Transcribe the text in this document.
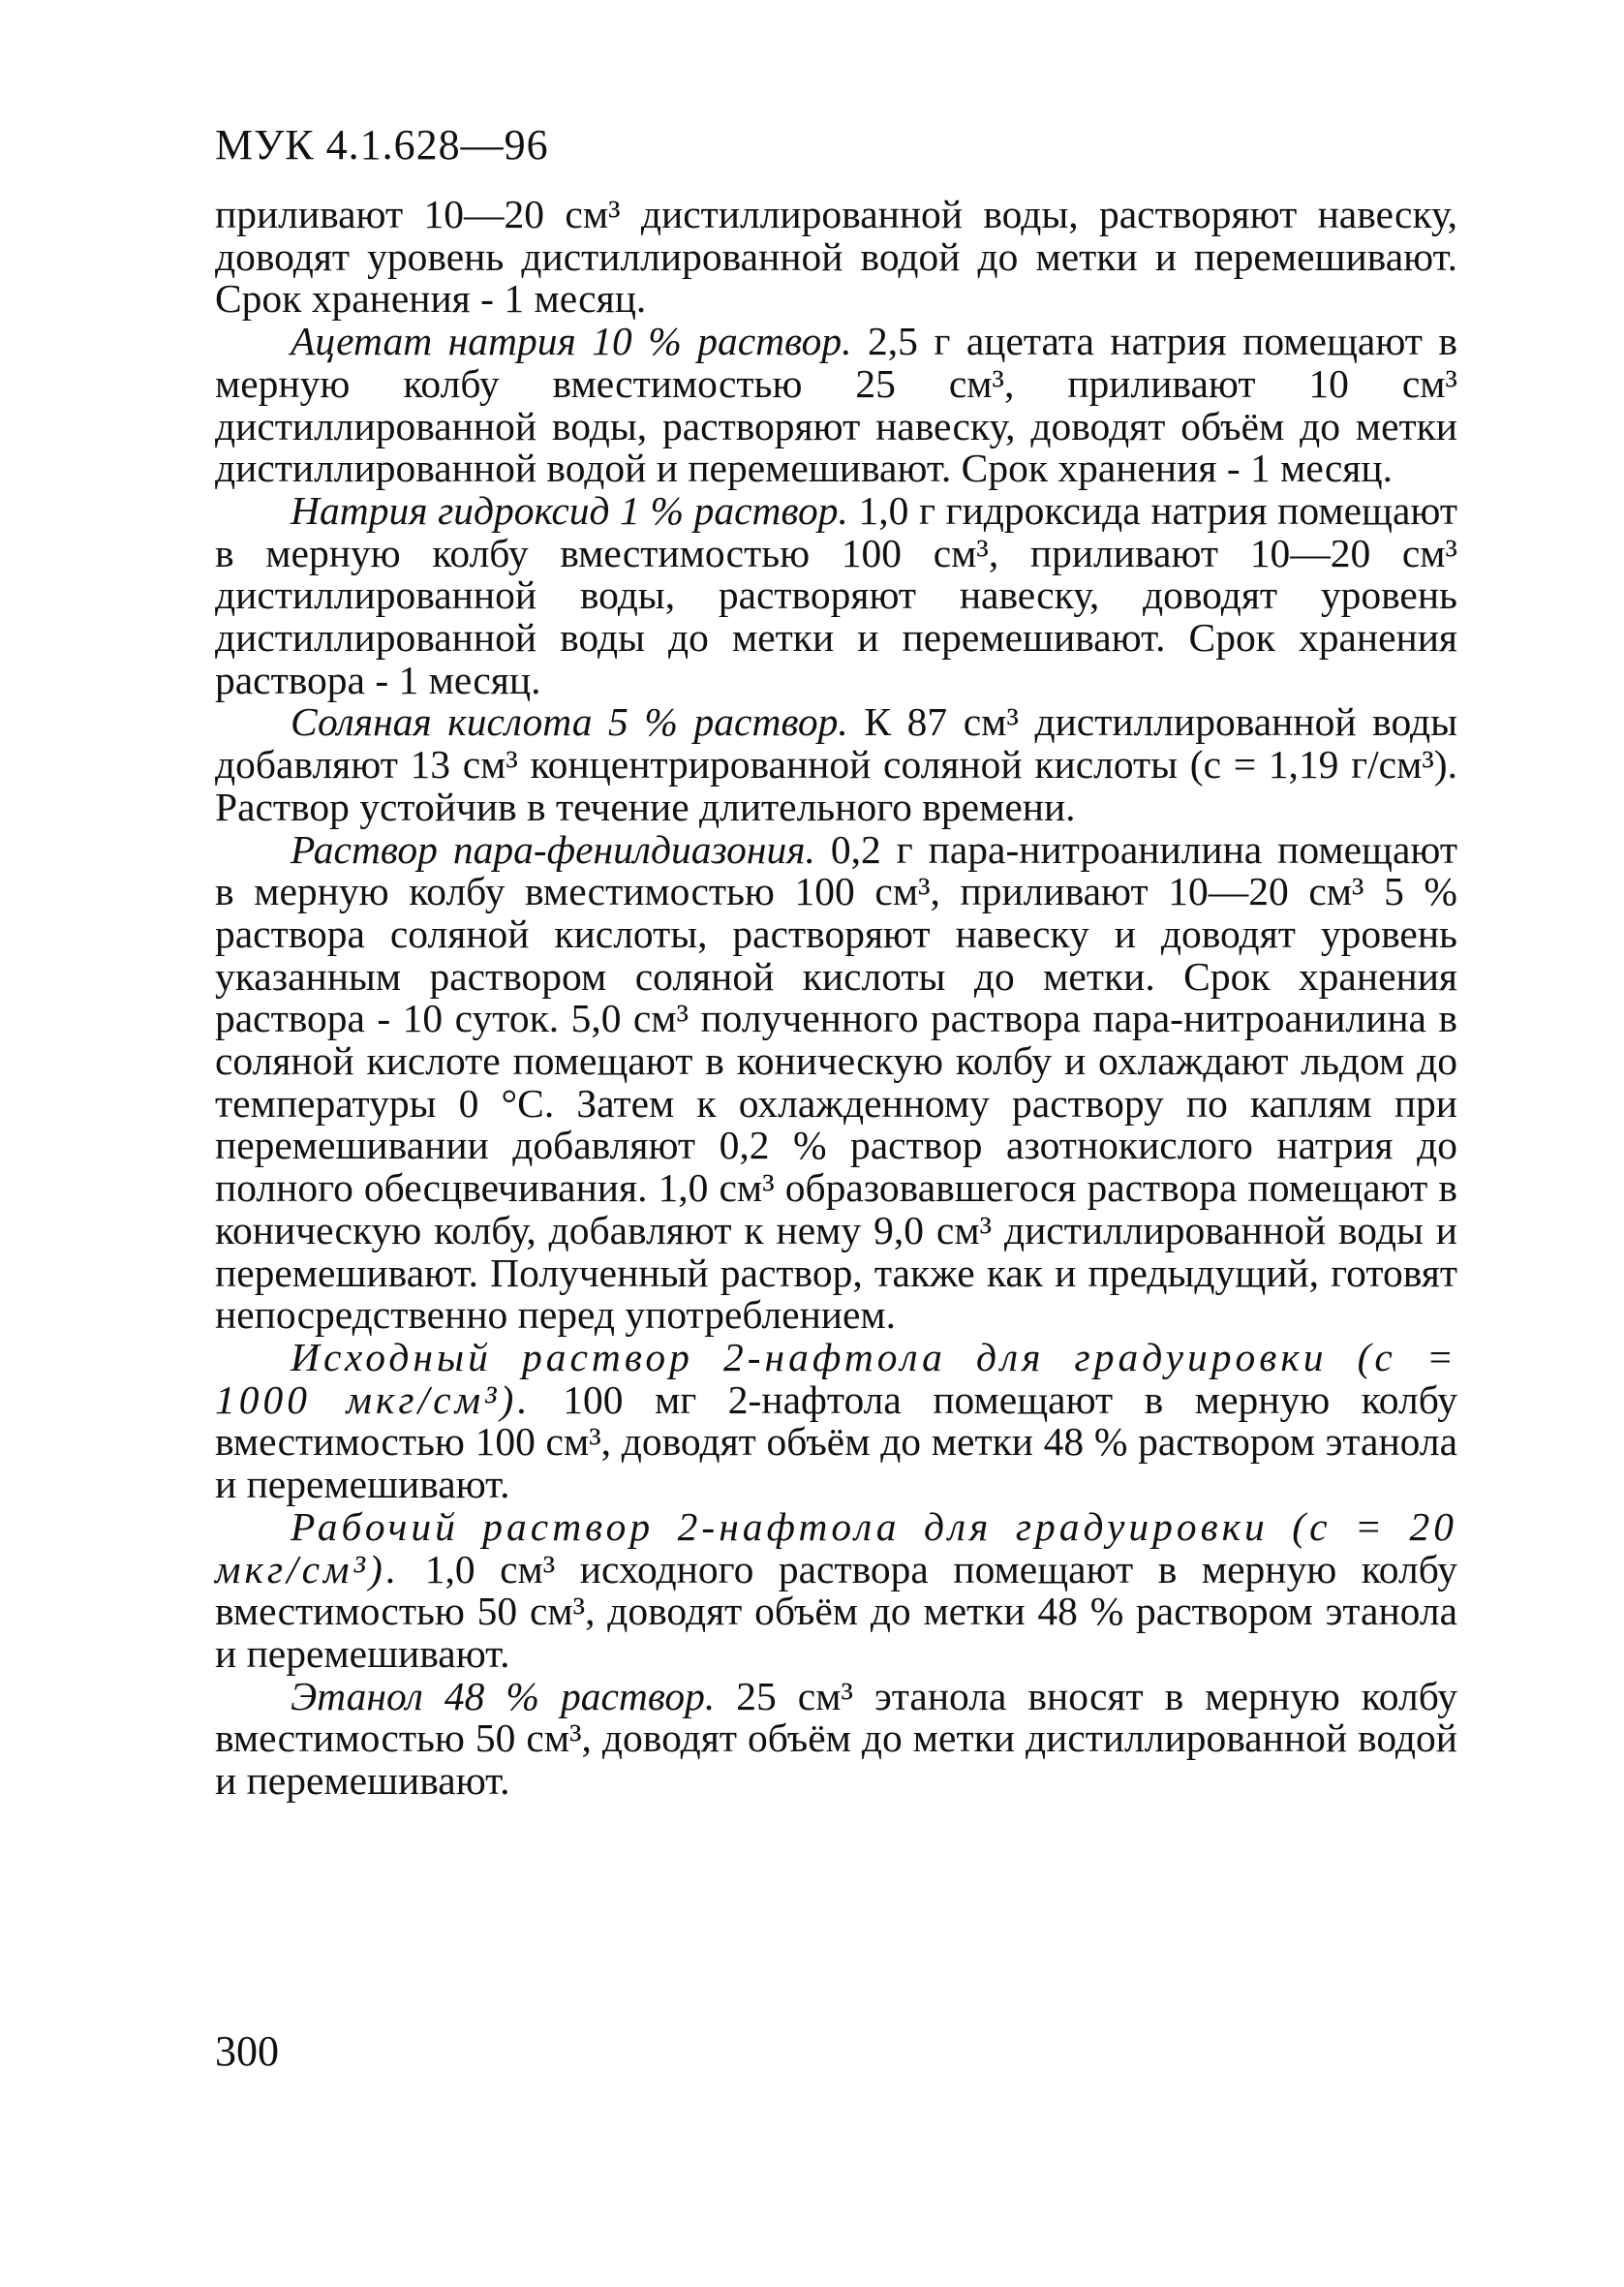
МУК 4.1.628—96

приливают 10—20 см³ дистиллированной воды, растворяют навеску, доводят уровень дистиллированной водой до метки и перемешивают. Срок хранения - 1 месяц.

Ацетат натрия 10 % раствор. 2,5 г ацетата натрия помещают в мерную колбу вместимостью 25 см³, приливают 10 см³ дистиллированной воды, растворяют навеску, доводят объём до метки дистиллированной водой и перемешивают. Срок хранения - 1 месяц.

Натрия гидроксид 1 % раствор. 1,0 г гидроксида натрия помещают в мерную колбу вместимостью 100 см³, приливают 10—20 см³ дистиллированной воды, растворяют навеску, доводят уровень дистиллированной воды до метки и перемешивают. Срок хранения раствора - 1 месяц.

Соляная кислота 5 % раствор. К 87 см³ дистиллированной воды добавляют 13 см³ концентрированной соляной кислоты (с = 1,19 г/см³). Раствор устойчив в течение длительного времени.

Раствор пара-фенилдиазония. 0,2 г пара-нитроанилина помещают в мерную колбу вместимостью 100 см³, приливают 10—20 см³ 5 % раствора соляной кислоты, растворяют навеску и доводят уровень указанным раствором соляной кислоты до метки. Срок хранения раствора - 10 суток. 5,0 см³ полученного раствора пара-нитроанилина в соляной кислоте помещают в коническую колбу и охлаждают льдом до температуры 0 °С. Затем к охлажденному раствору по каплям при перемешивании добавляют 0,2 % раствор азотнокислого натрия до полного обесцвечивания. 1,0 см³ образовавшегося раствора помещают в коническую колбу, добавляют к нему 9,0 см³ дистиллированной воды и перемешивают. Полученный раствор, также как и предыдущий, готовят непосредственно перед употреблением.

Исходный раствор 2-нафтола для градуировки (с = 1000 мкг/см³). 100 мг 2-нафтола помещают в мерную колбу вместимостью 100 см³, доводят объём до метки 48 % раствором этанола и перемешивают.

Рабочий раствор 2-нафтола для градуировки (с = 20 мкг/см³). 1,0 см³ исходного раствора помещают в мерную колбу вместимостью 50 см³, доводят объём до метки 48 % раствором этанола и перемешивают.

Этанол 48 % раствор. 25 см³ этанола вносят в мерную колбу вместимостью 50 см³, доводят объём до метки дистиллированной водой и перемешивают.

300
